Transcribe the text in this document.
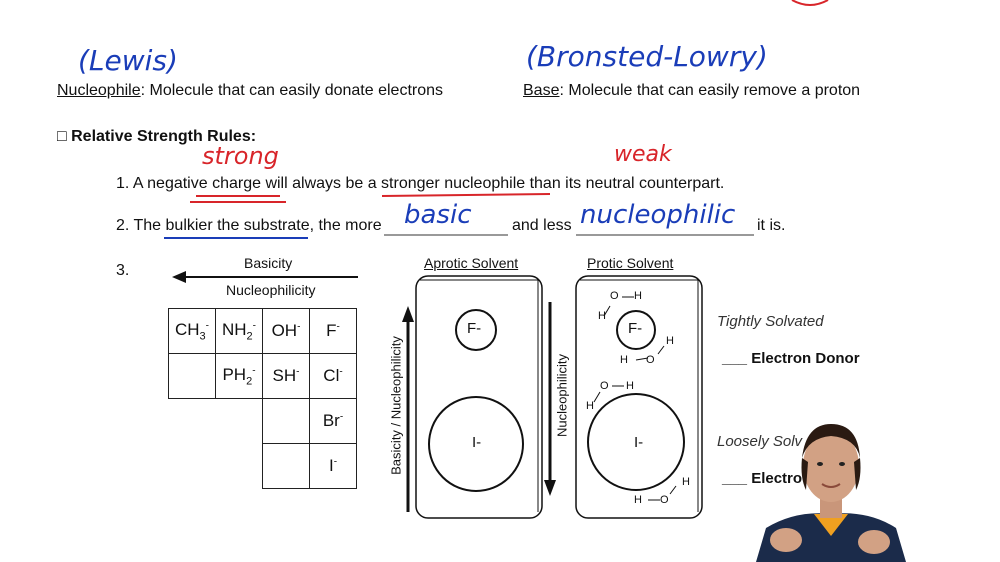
(Lewis)	(Bronsted-Lowry)
strong	weak
basic	nucleophilic
Nucleophile: Molecule that can easily donate electrons	Base: Molecule that can easily remove a proton
□ Relative Strength Rules:
1. A negative charge will always be a stronger nucleophile than its neutral counterpart.
2. The bulkier the substrate, the more	and less	it is.
3.	Basicity
Nucleophilicity
$CH_3^-$	$NH_2^-$	OH-	F-
	$PH_2^-$	SH-	Cl-
			Br-
			I-
Aprotic Solvent
F-
I-
Basicity / Nucleophilicity
Protic Solvent
F-
I-
Nucleophilicity
O H
H
H O
H
O H
H
H O
H
Tightly Solvated
___ Electron Donor
Loosely Solv
___ Electro
